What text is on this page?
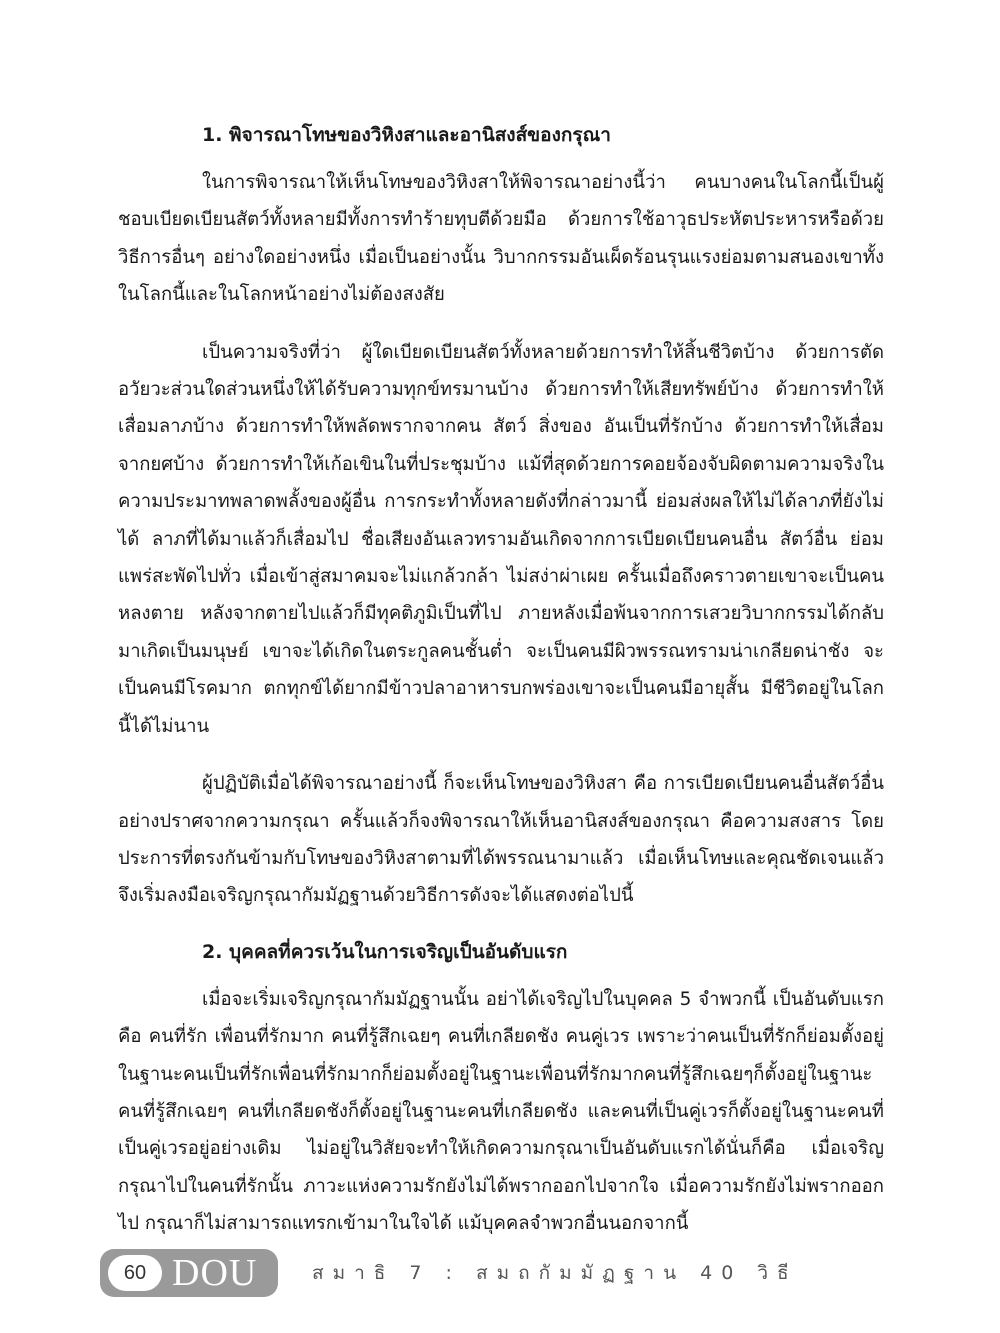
1. พิจารณาโทษของวิหิงสาและอานิสงส์ของกรุณา

ในการพิจารณาให้เห็นโทษของวิหิงสาให้พิจารณาอย่างนี้ว่า คนบางคนในโลกนี้เป็นผู้ชอบเบียดเบียนสัตว์ทั้งหลายมีทั้งการทำร้ายทุบตีด้วยมือ ด้วยการใช้อาวุธประหัตประหารหรือด้วยวิธีการอื่นๆ อย่างใดอย่างหนึ่ง เมื่อเป็นอย่างนั้น วิบากกรรมอันเผ็ดร้อนรุนแรงย่อมตามสนองเขาทั้งในโลกนี้และในโลกหน้าอย่างไม่ต้องสงสัย

เป็นความจริงที่ว่า ผู้ใดเบียดเบียนสัตว์ทั้งหลายด้วยการทำให้สิ้นชีวิตบ้าง ด้วยการตัดอวัยวะส่วนใดส่วนหนึ่งให้ได้รับความทุกข์ทรมานบ้าง ด้วยการทำให้เสียทรัพย์บ้าง ด้วยการทำให้เสื่อมลาภบ้าง ด้วยการทำให้พลัดพรากจากคน สัตว์ สิ่งของ อันเป็นที่รักบ้าง ด้วยการทำให้เสื่อมจากยศบ้าง ด้วยการทำให้เก้อเขินในที่ประชุมบ้าง แม้ที่สุดด้วยการคอยจ้องจับผิดตามความจริงในความประมาทพลาดพลั้งของผู้อื่น การกระทำทั้งหลายดังที่กล่าวมานี้ ย่อมส่งผลให้ไม่ได้ลาภที่ยังไม่ได้ ลาภที่ได้มาแล้วก็เสื่อมไป ชื่อเสียงอันเลวทรามอันเกิดจากการเบียดเบียนคนอื่น สัตว์อื่น ย่อมแพร่สะพัดไปทั่ว เมื่อเข้าสู่สมาคมจะไม่แกล้วกล้า ไม่สง่าผ่าเผย ครั้นเมื่อถึงคราวตายเขาจะเป็นคนหลงตาย หลังจากตายไปแล้วก็มีทุคติภูมิเป็นที่ไป ภายหลังเมื่อพ้นจากการเสวยวิบากกรรมได้กลับมาเกิดเป็นมนุษย์ เขาจะได้เกิดในตระกูลคนชั้นต่ำ จะเป็นคนมีผิวพรรณทรามน่าเกลียดน่าชัง จะเป็นคนมีโรคมาก ตกทุกข์ได้ยากมีข้าวปลาอาหารบกพร่องเขาจะเป็นคนมีอายุสั้น มีชีวิตอยู่ในโลกนี้ได้ไม่นาน

ผู้ปฏิบัติเมื่อได้พิจารณาอย่างนี้ ก็จะเห็นโทษของวิหิงสา คือ การเบียดเบียนคนอื่นสัตว์อื่นอย่างปราศจากความกรุณา ครั้นแล้วก็จงพิจารณาให้เห็นอานิสงส์ของกรุณา คือความสงสาร โดยประการที่ตรงกันข้ามกับโทษของวิหิงสาตามที่ได้พรรณนามาแล้ว เมื่อเห็นโทษและคุณชัดเจนแล้วจึงเริ่มลงมือเจริญกรุณากัมมัฏฐานด้วยวิธีการดังจะได้แสดงต่อไปนี้

2. บุคคลที่ควรเว้นในการเจริญเป็นอันดับแรก

เมื่อจะเริ่มเจริญกรุณากัมมัฏฐานนั้น อย่าได้เจริญไปในบุคคล 5 จำพวกนี้ เป็นอันดับแรก คือ คนที่รัก เพื่อนที่รักมาก คนที่รู้สึกเฉยๆ คนที่เกลียดชัง คนคู่เวร เพราะว่าคนเป็นที่รักก็ย่อมตั้งอยู่ในฐานะคนเป็นที่รักเพื่อนที่รักมากก็ย่อมตั้งอยู่ในฐานะเพื่อนที่รักมากคนที่รู้สึกเฉยๆก็ตั้งอยู่ในฐานะคนที่รู้สึกเฉยๆ คนที่เกลียดชังก็ตั้งอยู่ในฐานะคนที่เกลียดชัง และคนที่เป็นคู่เวรก็ตั้งอยู่ในฐานะคนที่เป็นคู่เวรอยู่อย่างเดิม ไม่อยู่ในวิสัยจะทำให้เกิดความกรุณาเป็นอันดับแรกได้นั่นก็คือ เมื่อเจริญกรุณาไปในคนที่รักนั้น ภาวะแห่งความรักยังไม่ได้พรากออกไปจากใจ เมื่อความรักยังไม่พรากออกไป กรุณาก็ไม่สามารถแทรกเข้ามาในใจได้ แม้บุคคลจำพวกอื่นนอกจากนี้

60 DOU	สมาธิ 7 : สมถกัมมัฏฐาน 40 วิธี
